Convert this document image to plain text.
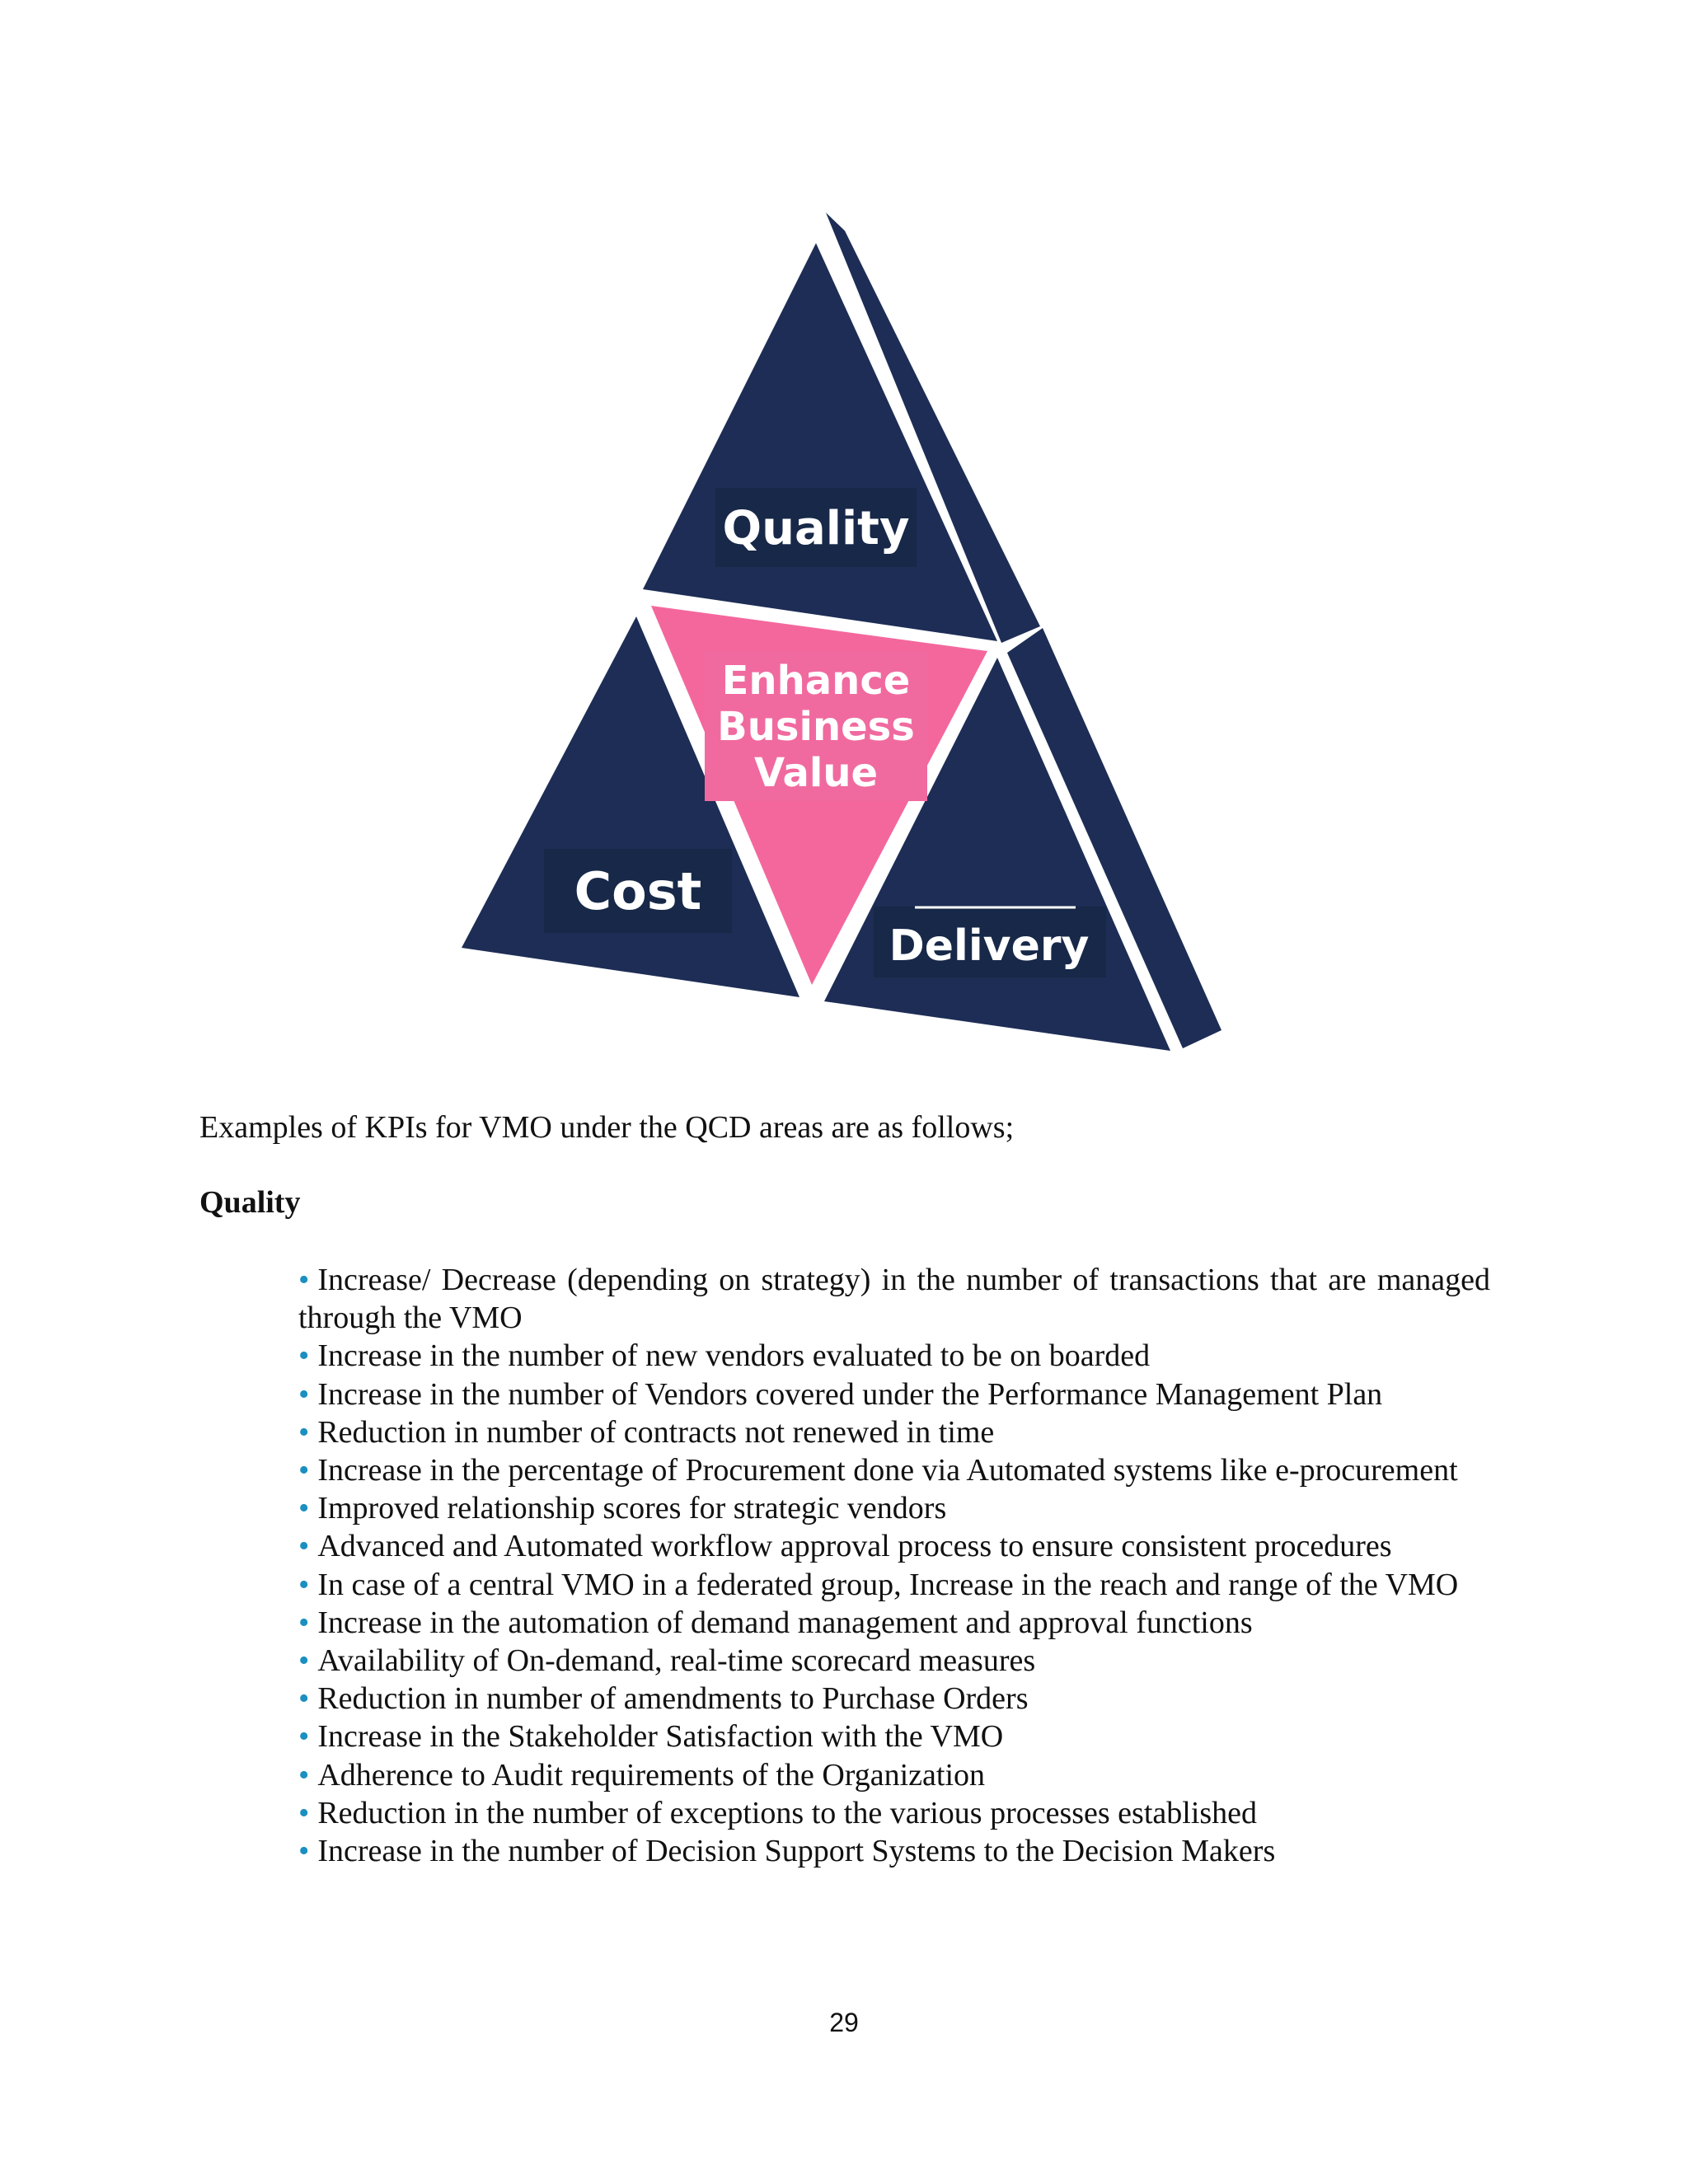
Quality
Enhance
Business
Value
Cost
Delivery
Examples of KPIs for VMO under the QCD areas are as follows;
Quality
• Increase/ Decrease (depending on strategy) in the number of transactions that are managed through the VMO
• Increase in the number of new vendors evaluated to be on boarded
• Increase in the number of Vendors covered under the Performance Management Plan
• Reduction in number of contracts not renewed in time
• Increase in the percentage of Procurement done via Automated systems like e-procurement
• Improved relationship scores for strategic vendors
• Advanced and Automated workflow approval process to ensure consistent procedures
• In case of a central VMO in a federated group, Increase in the reach and range of the VMO
• Increase in the automation of demand management and approval functions
• Availability of On-demand, real-time scorecard measures
• Reduction in number of amendments to Purchase Orders
• Increase in the Stakeholder Satisfaction with the VMO
• Adherence to Audit requirements of the Organization
• Reduction in the number of exceptions to the various processes established
• Increase in the number of Decision Support Systems to the Decision Makers
29
